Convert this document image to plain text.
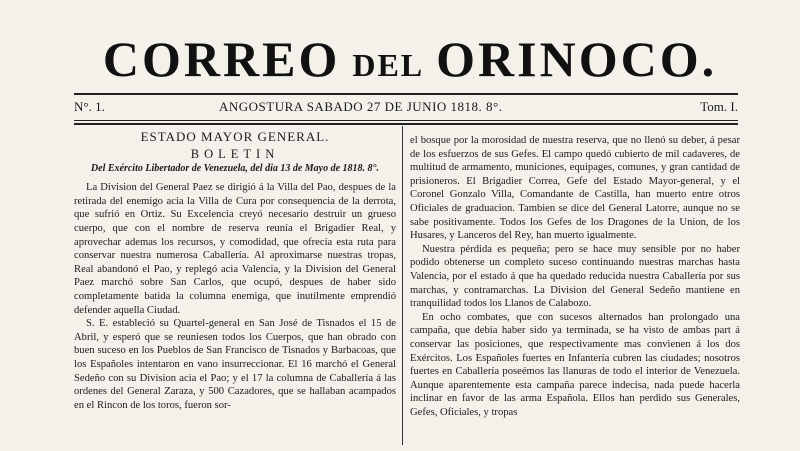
CORREO DEL ORINOCO.
N°. 1.	ANGOSTURA SABADO 27 DE JUNIO 1818. 8°.	Tom. I.
ESTADO MAYOR GENERAL.
BOLETIN
Del Exército Libertador de Venezuela, del dia 13 de Mayo de 1818. 8°.

La Division del General Paez se dirigió á la Villa del Pao, despues de la retirada del enemigo acia la Villa de Cura por consequencia de la derrota, que sufrió en Ortiz. Su Excelencia creyó necesario destruir un grueso cuerpo, que con el nombre de reserva reunía el Brigadier Real, y aprovechar ademas los recursos, y comodidad, que ofrecía esta ruta para conservar nuestra numerosa Caballería. Al aproximarse nuestras tropas, Real abandonó el Pao, y replegó acia Valencia, y la Division del General Paez marchó sobre San Carlos, que ocupó, despues de haber sido completamente batida la columna enemiga, que inutilmente emprendió defender aquella Ciudad.

S. E. estableció su Quartel-general en San José de Tisnados el 15 de Abril, y esperó que se reuniesen todos los Cuerpos, que han obrado con buen suceso en los Pueblos de San Francisco de Tisnados y Barbacoas, que los Españoles intentaron en vano insurreccionar. El 16 marchó el General Sedeño con su Division acia el Pao; y el 17 la columna de Caballería á las ordenes del General Zaraza, y 500 Cazadores, que se hallaban acampados en el Rincon de los toros, fueron sor-

el bosque por la morosidad de nuestra reserva, que no llenó su deber, á pesar de los esfuerzos de sus Gefes. El campo quedó cubierto de mil cadaveres, de multitud de armamento, municiones, equipages, comunes, y gran cantidad de prisioneros. El Brigadier Correa, Gefe del Estado Mayor-general, y el Coronel Gonzalo Villa, Comandante de Castilla, han muerto entre otros Oficiales de graduacion. Tambien se dice del General Latorre, aunque no se sabe positivamente. Todos los Gefes de los Dragones de la Union, de los Husares, y Lanceros del Rey, han muerto igualmente.

Nuestra pérdida es pequeña; pero se hace muy sensible por no haber podido obtenerse un completo suceso continuando nuestras marchas hasta Valencia, por el estado á que ha quedado reducida nuestra Caballería por sus marchas, y contramarchas. La Division del General Sedeño mantiene en tranquilidad todos los Llanos de Calabozo.

En ocho combates, que con sucesos alternados han prolongado una campaña, que debia haber sido ya terminada, se ha visto de ambas part á conservar las posiciones, que respectivamente mas convienen á los dos Exércitos. Los Españoles fuertes en Infantería cubren las ciudades; nosotros fuertes en Caballería poseémos las llanuras de todo el interior de Venezuela. Aunque aparentemente esta campaña parece indecisa, nada puede hacerla inclinar en favor de las arma Española. Ellos han perdido sus Generales, Gefes, Oficiales, y tropas
